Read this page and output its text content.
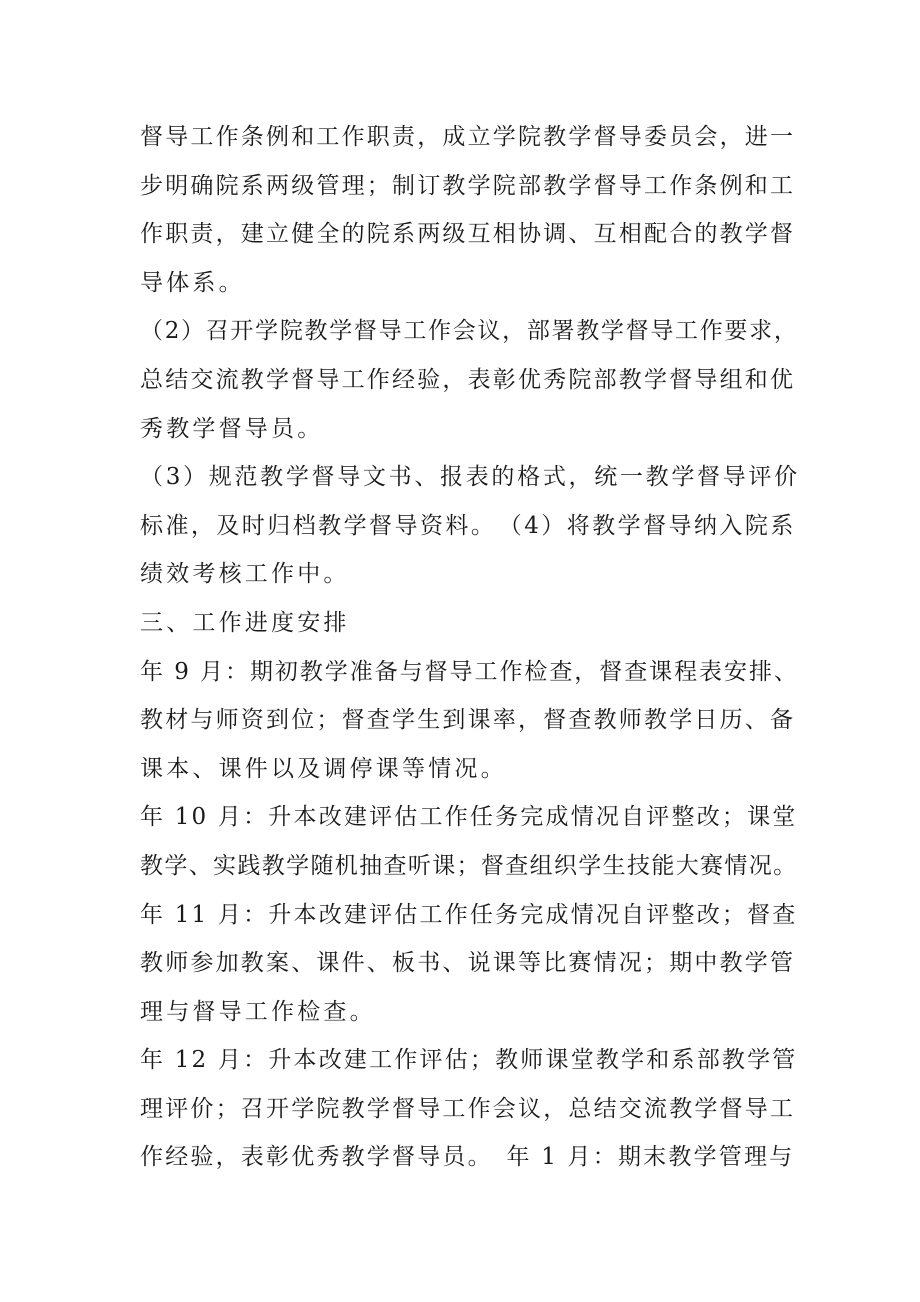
督导工作条例和工作职责，成立学院教学督导委员会，进一

步明确院系两级管理；制订教学院部教学督导工作条例和工

作职责，建立健全的院系两级互相协调、互相配合的教学督

导体系。

（2）召开学院教学督导工作会议，部署教学督导工作要求，

总结交流教学督导工作经验，表彰优秀院部教学督导组和优

秀教学督导员。

（3）规范教学督导文书、报表的格式，统一教学督导评价

标准，及时归档教学督导资料。　（4）将教学督导纳入院系

绩效考核工作中。

三、工作进度安排

年 9 月：期初教学准备与督导工作检查，督查课程表安排、

教材与师资到位；督查学生到课率，督查教师教学日历、备

课本、课件以及调停课等情况。

年 10 月：升本改建评估工作任务完成情况自评整改；课堂

教学、实践教学随机抽查听课；督查组织学生技能大赛情况。

年 11 月：升本改建评估工作任务完成情况自评整改；督查

教师参加教案、课件、板书、说课等比赛情况；期中教学管

理与督导工作检查。

年 12 月：升本改建工作评估；教师课堂教学和系部教学管

理评价；召开学院教学督导工作会议，总结交流教学督导工

作经验，表彰优秀教学督导员。　年 1 月：期末教学管理与
